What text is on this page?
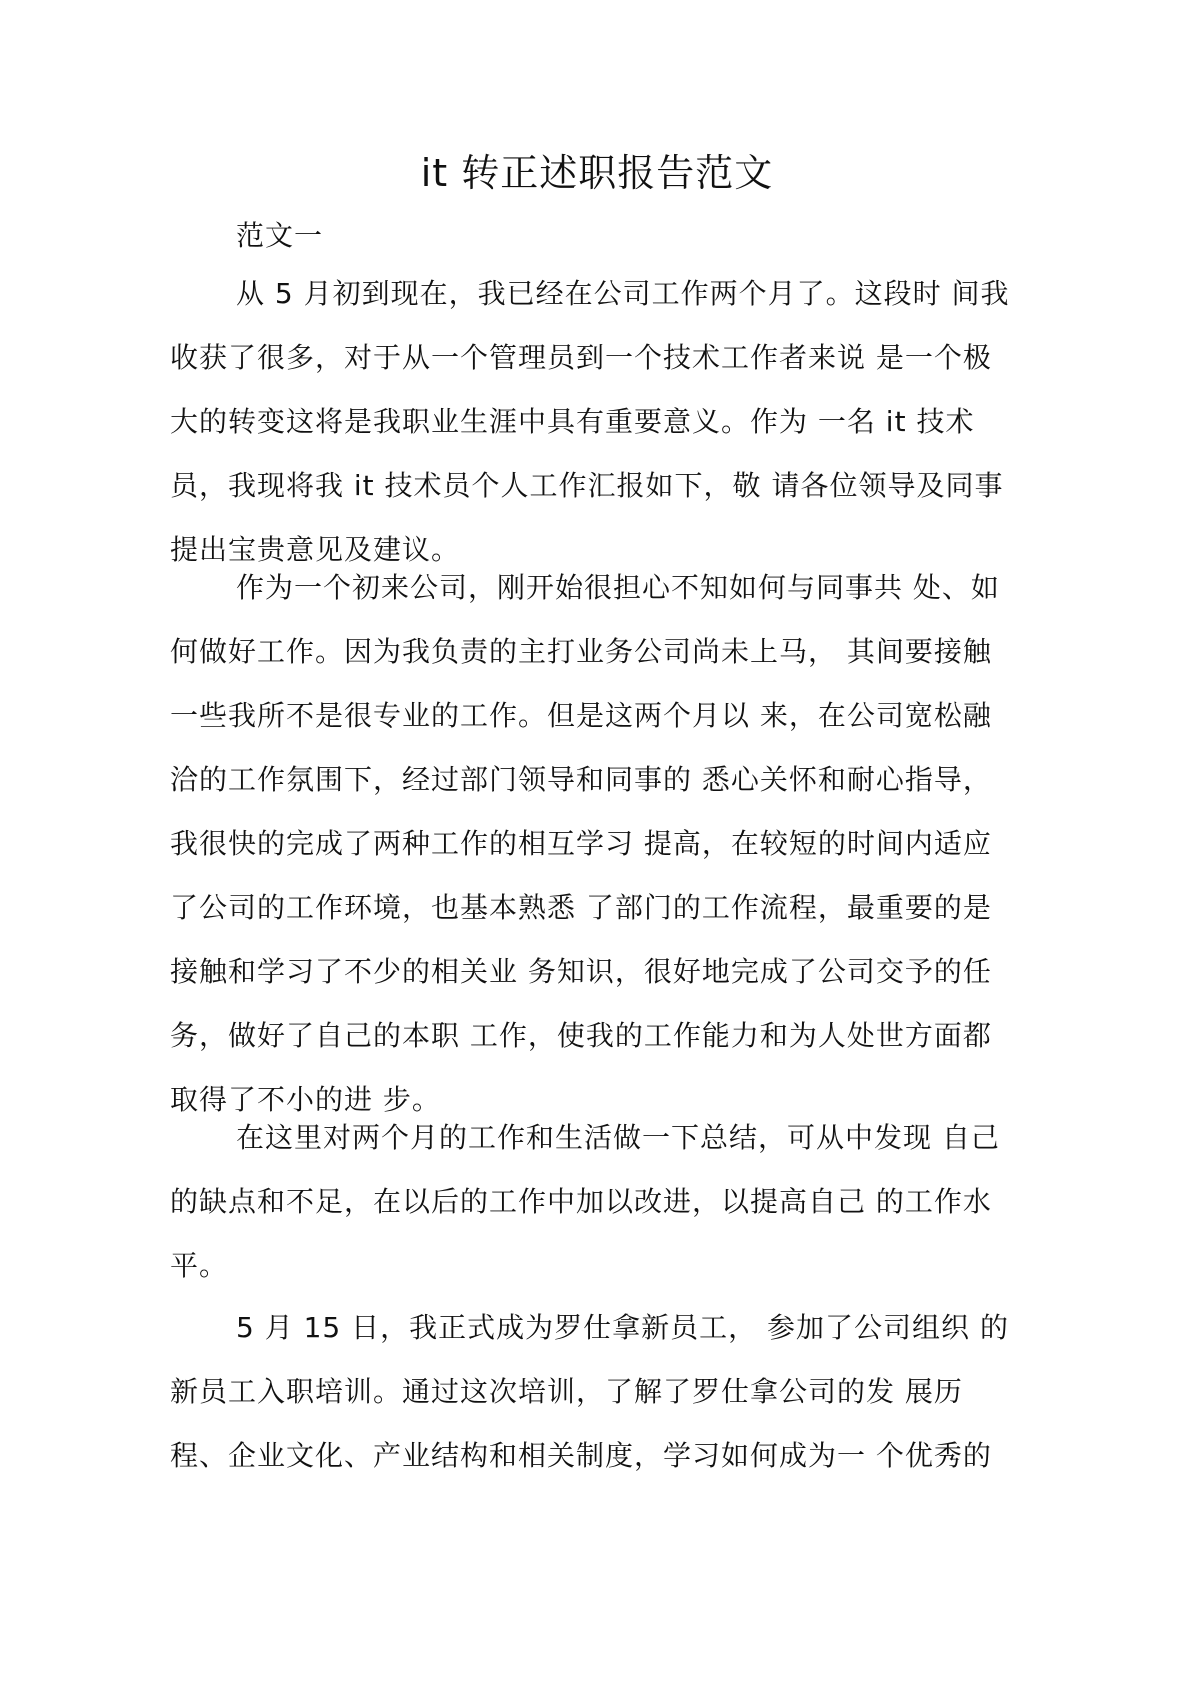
it 转正述职报告范文
范文一
从 5 月初到现在，我已经在公司工作两个月了。这段时 间我
收获了很多，对于从一个管理员到一个技术工作者来说 是一个极
大的转变这将是我职业生涯中具有重要意义。作为 一名 it 技术
员，我现将我 it 技术员个人工作汇报如下，敬 请各位领导及同事
提出宝贵意见及建议。
作为一个初来公司，刚开始很担心不知如何与同事共 处、如
何做好工作。因为我负责的主打业务公司尚未上马， 其间要接触
一些我所不是很专业的工作。但是这两个月以 来，在公司宽松融
洽的工作氛围下，经过部门领导和同事的 悉心关怀和耐心指导，
我很快的完成了两种工作的相互学习 提高，在较短的时间内适应
了公司的工作环境，也基本熟悉 了部门的工作流程，最重要的是
接触和学习了不少的相关业 务知识，很好地完成了公司交予的任
务，做好了自己的本职 工作，使我的工作能力和为人处世方面都
取得了不小的进 步。
在这里对两个月的工作和生活做一下总结，可从中发现 自己
的缺点和不足，在以后的工作中加以改进，以提高自己 的工作水
平。
5 月 15 日，我正式成为罗仕拿新员工， 参加了公司组织 的
新员工入职培训。通过这次培训，了解了罗仕拿公司的发 展历
程、企业文化、产业结构和相关制度，学习如何成为一 个优秀的
